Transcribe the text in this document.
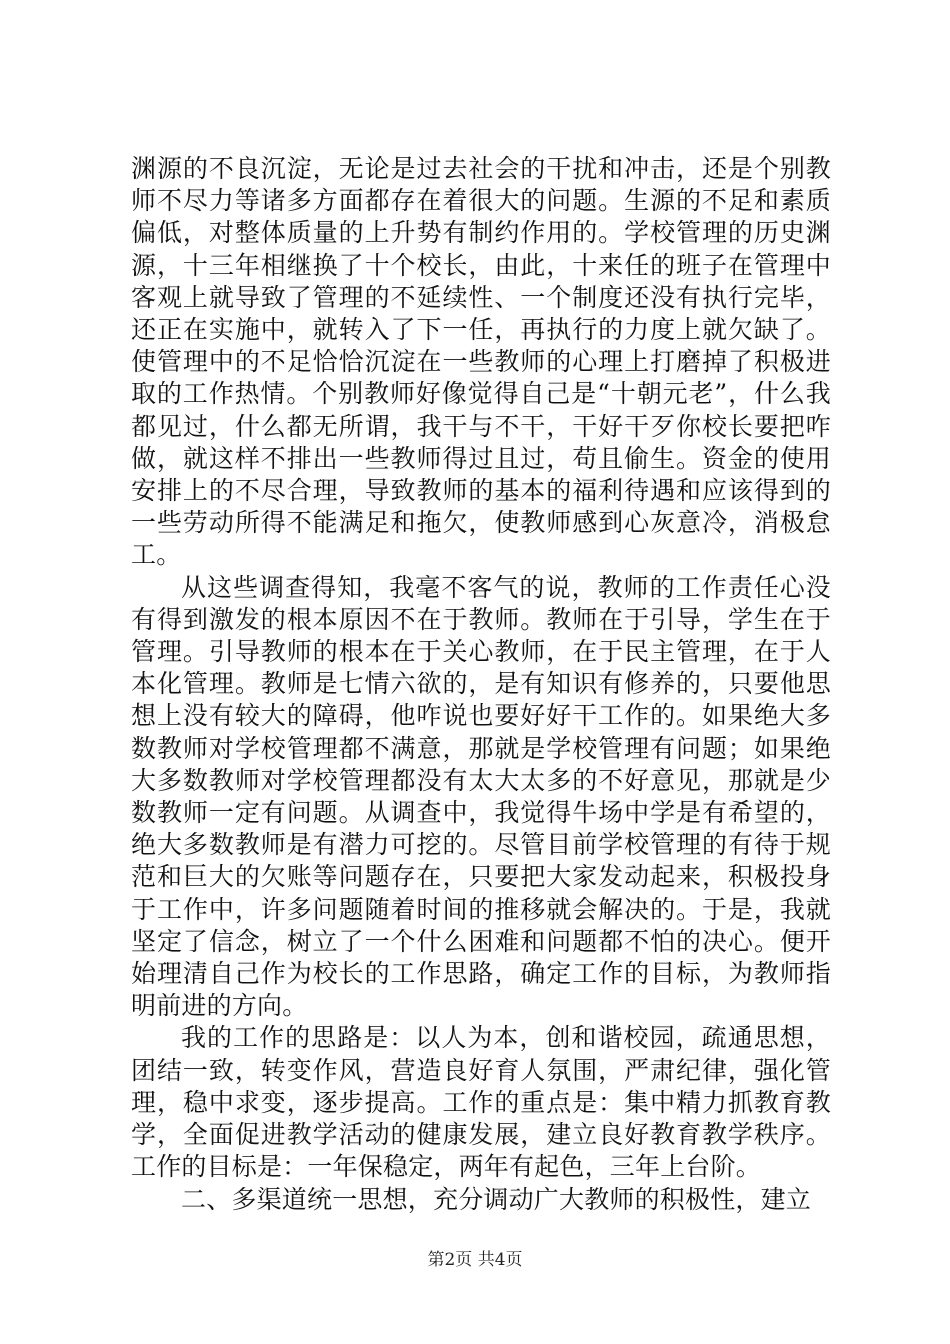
渊源的不良沉淀，无论是过去社会的干扰和冲击，还是个别教师不尽力等诸多方面都存在着很大的问题。生源的不足和素质偏低，对整体质量的上升势有制约作用的。学校管理的历史渊源，十三年相继换了十个校长，由此，十来任的班子在管理中客观上就导致了管理的不延续性、一个制度还没有执行完毕，还正在实施中，就转入了下一任，再执行的力度上就欠缺了。使管理中的不足恰恰沉淀在一些教师的心理上打磨掉了积极进取的工作热情。个别教师好像觉得自己是“十朝元老”，什么我都见过，什么都无所谓，我干与不干，干好干歹你校长要把咋做，就这样不排出一些教师得过且过，苟且偷生。资金的使用安排上的不尽合理，导致教师的基本的福利待遇和应该得到的一些劳动所得不能满足和拖欠，使教师感到心灰意冷，消极怠工。

从这些调查得知，我毫不客气的说，教师的工作责任心没有得到激发的根本原因不在于教师。教师在于引导，学生在于管理。引导教师的根本在于关心教师，在于民主管理，在于人本化管理。教师是七情六欲的，是有知识有修养的，只要他思想上没有较大的障碍，他咋说也要好好干工作的。如果绝大多数教师对学校管理都不满意，那就是学校管理有问题；如果绝大多数教师对学校管理都没有太大太多的不好意见，那就是少数教师一定有问题。从调查中，我觉得牛场中学是有希望的，绝大多数教师是有潜力可挖的。尽管目前学校管理的有待于规范和巨大的欠账等问题存在，只要把大家发动起来，积极投身于工作中，许多问题随着时间的推移就会解决的。于是，我就坚定了信念，树立了一个什么困难和问题都不怕的决心。便开始理清自己作为校长的工作思路，确定工作的目标，为教师指明前进的方向。

我的工作的思路是：以人为本，创和谐校园，疏通思想，团结一致，转变作风，营造良好育人氛围，严肃纪律，强化管理，稳中求变，逐步提高。工作的重点是：集中精力抓教育教学，全面促进教学活动的健康发展，建立良好教育教学秩序。工作的目标是：一年保稳定，两年有起色，三年上台阶。

二、多渠道统一思想，充分调动广大教师的积极性，建立

第2页 共4页
